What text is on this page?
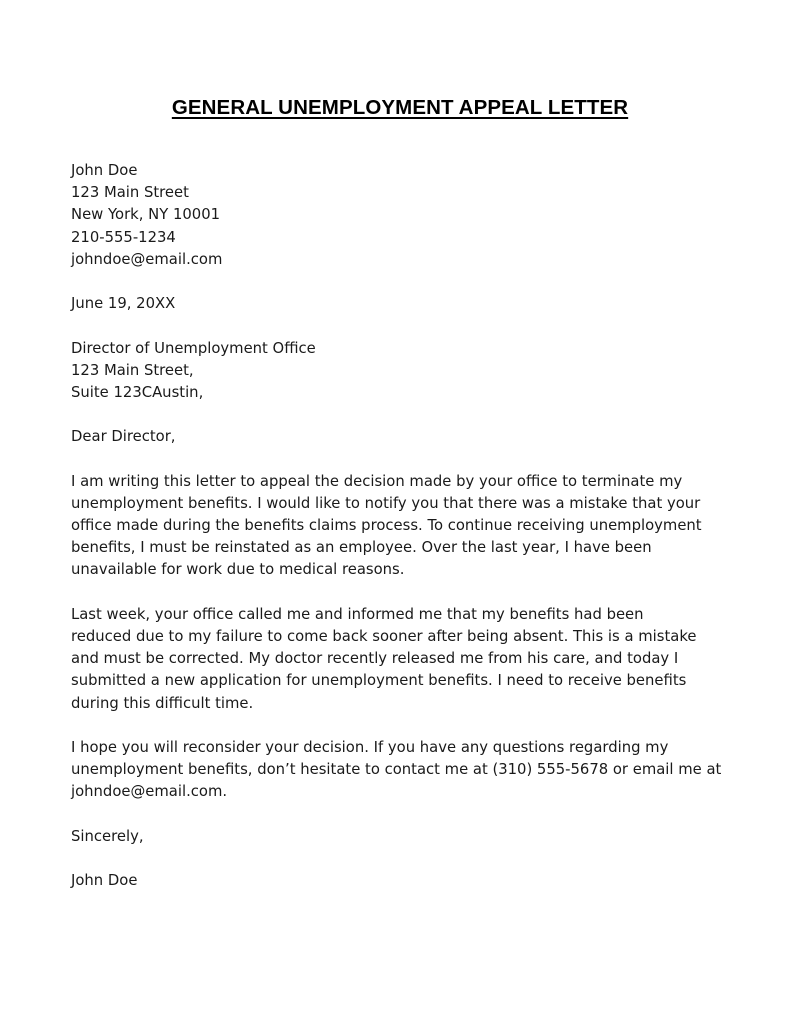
GENERAL UNEMPLOYMENT APPEAL LETTER
John Doe
123 Main Street
New York, NY 10001
210-555-1234
johndoe@email.com
June 19, 20XX
Director of Unemployment Office
123 Main Street,
Suite 123CAustin,
Dear Director,
I am writing this letter to appeal the decision made by your office to terminate my
unemployment benefits. I would like to notify you that there was a mistake that your
office made during the benefits claims process. To continue receiving unemployment
benefits, I must be reinstated as an employee. Over the last year, I have been
unavailable for work due to medical reasons.
Last week, your office called me and informed me that my benefits had been
reduced due to my failure to come back sooner after being absent. This is a mistake
and must be corrected. My doctor recently released me from his care, and today I
submitted a new application for unemployment benefits. I need to receive benefits
during this difficult time.
I hope you will reconsider your decision. If you have any questions regarding my
unemployment benefits, don’t hesitate to contact me at (310) 555-5678 or email me at
johndoe@email.com.
Sincerely,
John Doe
